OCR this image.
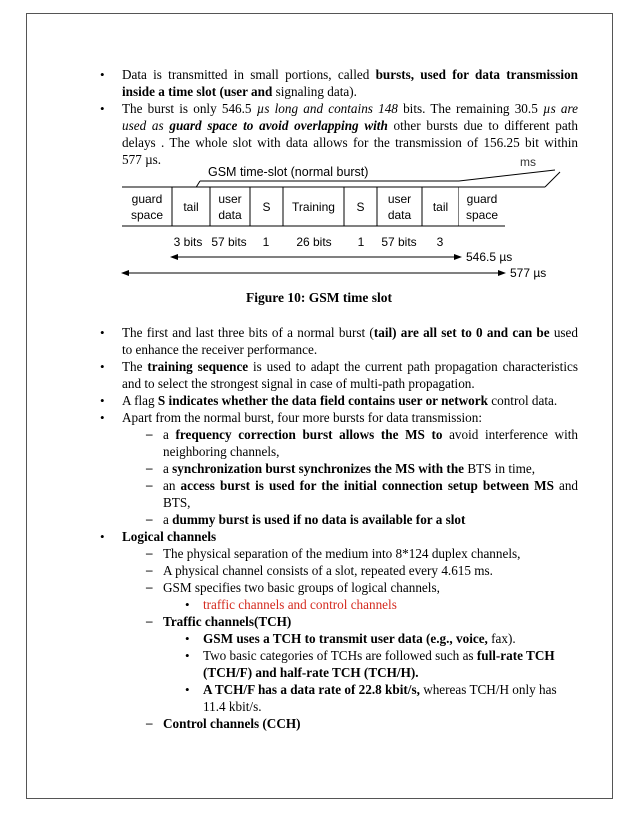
• Data is transmitted in small portions, called bursts, used for data transmission
inside a time slot (user and signaling data).
• The burst is only 546.5 µs long and contains 148 bits. The remaining 30.5 µs are
used as guard space to avoid overlapping with other bursts due to different path
delays . The whole slot with data allows for the transmission of 156.25 bit within
577 µs.	ms
GSM time-slot (normal burst)
guard
space
tail
user
data
S Training S
user
data
tail
guard
space
3 bits 57 bits 1 26 bits 1 57 bits 3
546.5 µs
577 µs
Figure 10: GSM time slot
• The first and last three bits of a normal burst (tail) are all set to 0 and can be used
to enhance the receiver performance.
• The training sequence is used to adapt the current path propagation characteristics
and to select the strongest signal in case of multi-path propagation.
• A flag S indicates whether the data field contains user or network control data.
• Apart from the normal burst, four more bursts for data transmission:
– a frequency correction burst allows the MS to avoid interference with
neighboring channels,
– a synchronization burst synchronizes the MS with the BTS in time,
– an access burst is used for the initial connection setup between MS and
BTS,
– a dummy burst is used if no data is available for a slot
• Logical channels
– The physical separation of the medium into 8*124 duplex channels,
– A physical channel consists of a slot, repeated every 4.615 ms.
– GSM specifies two basic groups of logical channels,
• traffic channels and control channels
– Traffic channels(TCH)
• GSM uses a TCH to transmit user data (e.g., voice, fax).
• Two basic categories of TCHs are followed such as full-rate TCH
(TCH/F) and half-rate TCH (TCH/H).
• A TCH/F has a data rate of 22.8 kbit/s, whereas TCH/H only has
11.4 kbit/s.
– Control channels (CCH)
